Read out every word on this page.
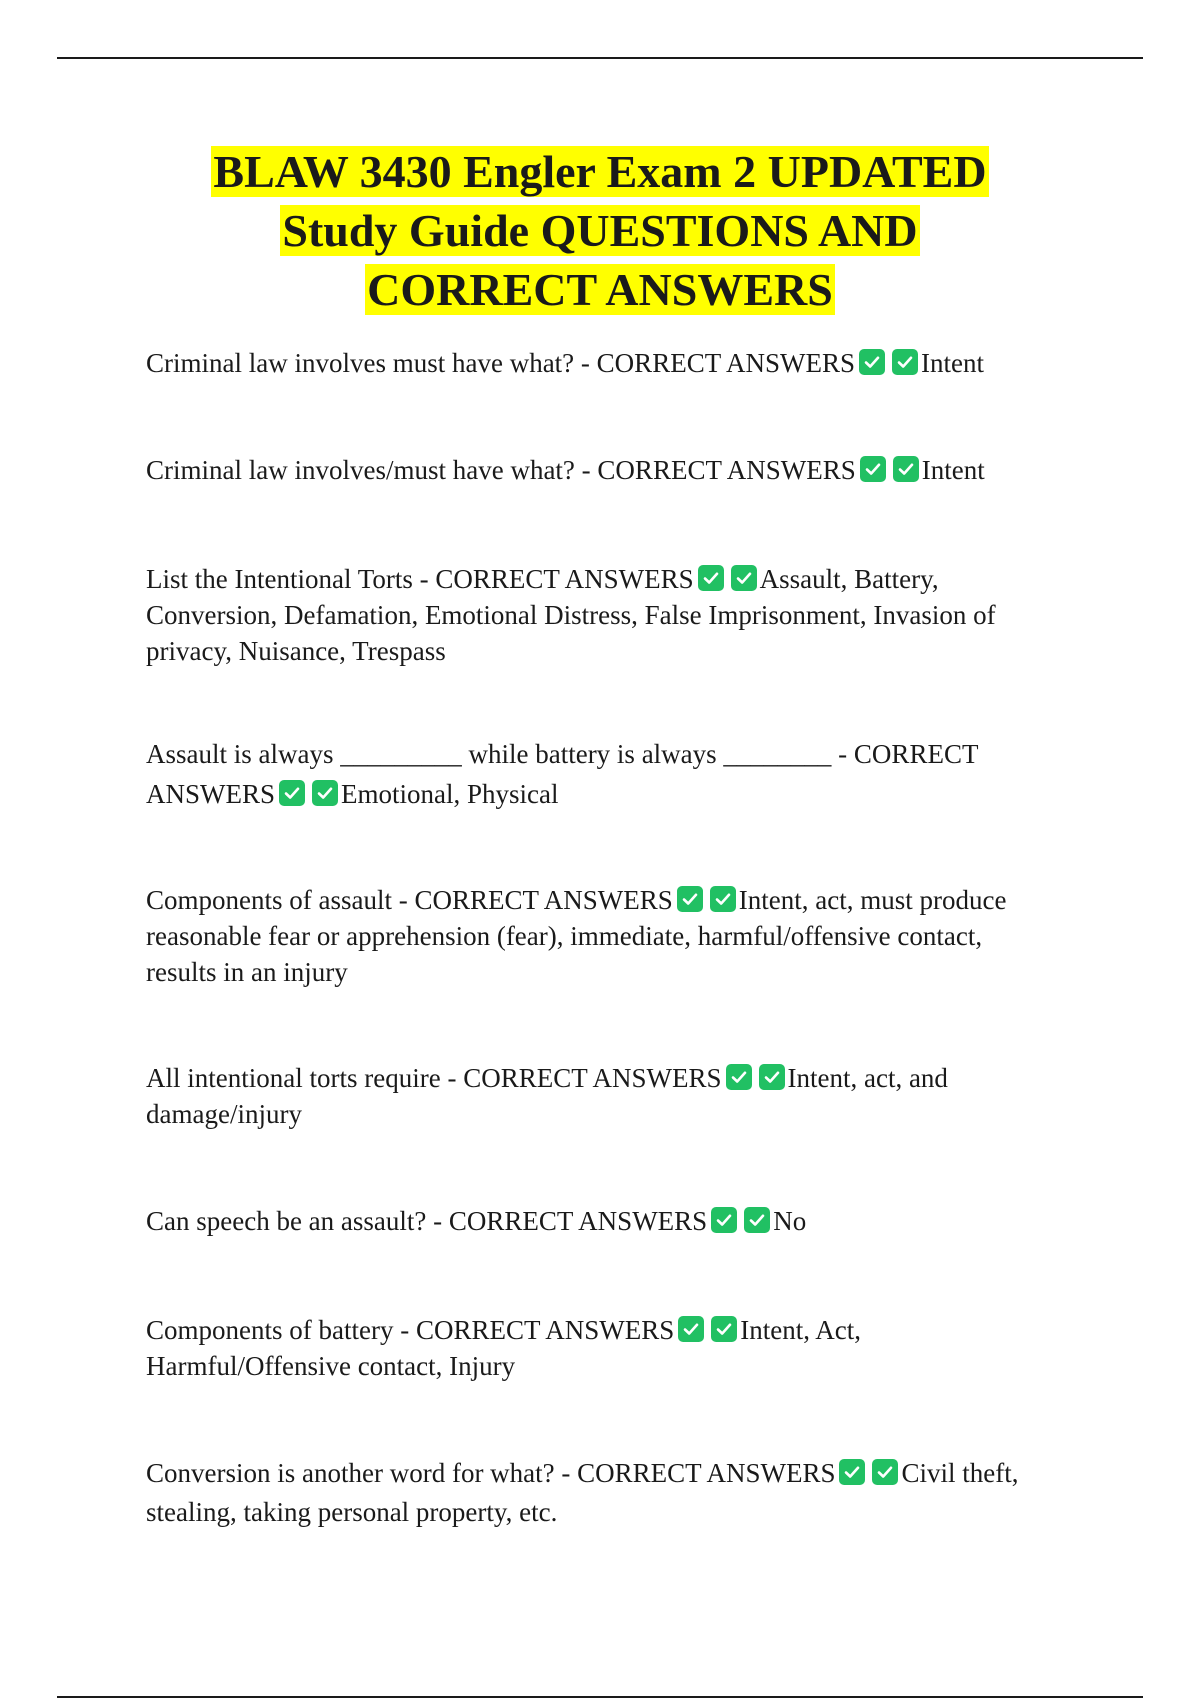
BLAW 3430 Engler Exam 2 UPDATED
Study Guide QUESTIONS AND
CORRECT ANSWERS

Criminal law involves must have what? - CORRECT ANSWERS Intent

Criminal law involves/must have what? - CORRECT ANSWERS Intent

List the Intentional Torts - CORRECT ANSWERS Assault, Battery, Conversion, Defamation, Emotional Distress, False Imprisonment, Invasion of privacy, Nuisance, Trespass

Assault is always _________ while battery is always ________ - CORRECT ANSWERS Emotional, Physical

Components of assault - CORRECT ANSWERS Intent, act, must produce reasonable fear or apprehension (fear), immediate, harmful/offensive contact, results in an injury

All intentional torts require - CORRECT ANSWERS Intent, act, and damage/injury

Can speech be an assault? - CORRECT ANSWERS No

Components of battery - CORRECT ANSWERS Intent, Act, Harmful/Offensive contact, Injury

Conversion is another word for what? - CORRECT ANSWERS Civil theft, stealing, taking personal property, etc.
